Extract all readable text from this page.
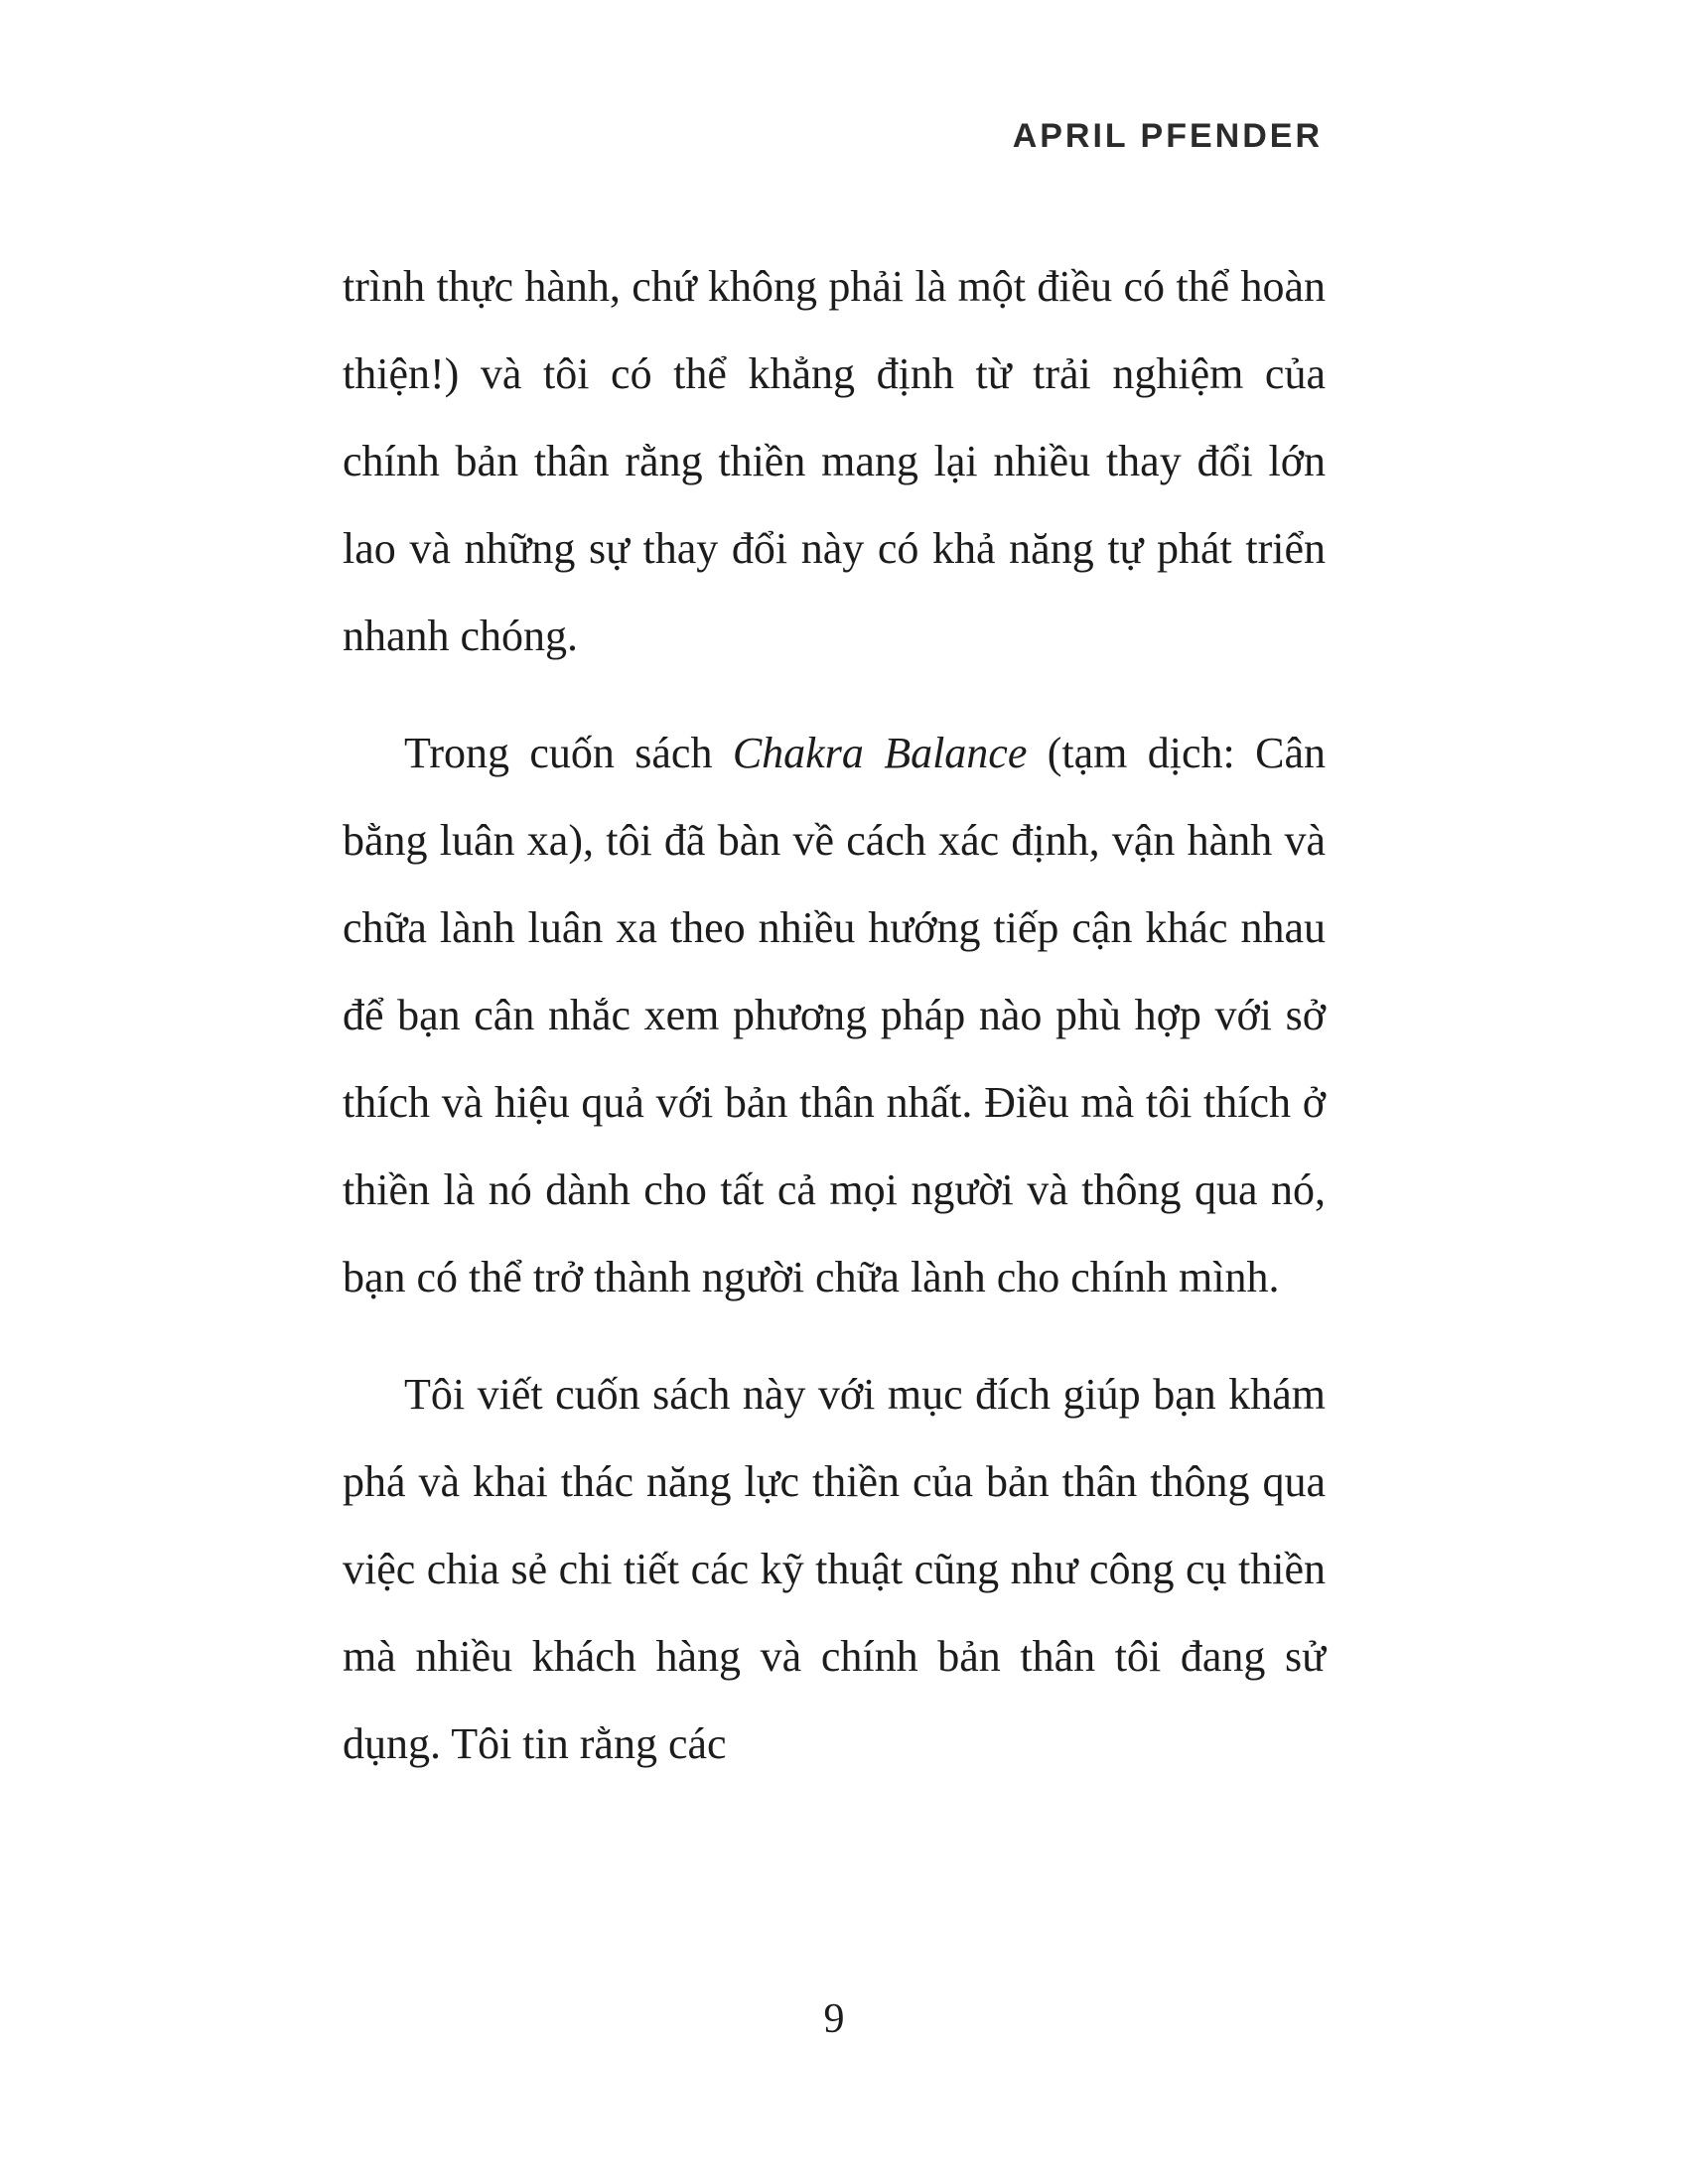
APRIL PFENDER

trình thực hành, chứ không phải là một điều có thể hoàn thiện!) và tôi có thể khẳng định từ trải nghiệm của chính bản thân rằng thiền mang lại nhiều thay đổi lớn lao và những sự thay đổi này có khả năng tự phát triển nhanh chóng.

Trong cuốn sách Chakra Balance (tạm dịch: Cân bằng luân xa), tôi đã bàn về cách xác định, vận hành và chữa lành luân xa theo nhiều hướng tiếp cận khác nhau để bạn cân nhắc xem phương pháp nào phù hợp với sở thích và hiệu quả với bản thân nhất. Điều mà tôi thích ở thiền là nó dành cho tất cả mọi người và thông qua nó, bạn có thể trở thành người chữa lành cho chính mình.

Tôi viết cuốn sách này với mục đích giúp bạn khám phá và khai thác năng lực thiền của bản thân thông qua việc chia sẻ chi tiết các kỹ thuật cũng như công cụ thiền mà nhiều khách hàng và chính bản thân tôi đang sử dụng. Tôi tin rằng các

9
